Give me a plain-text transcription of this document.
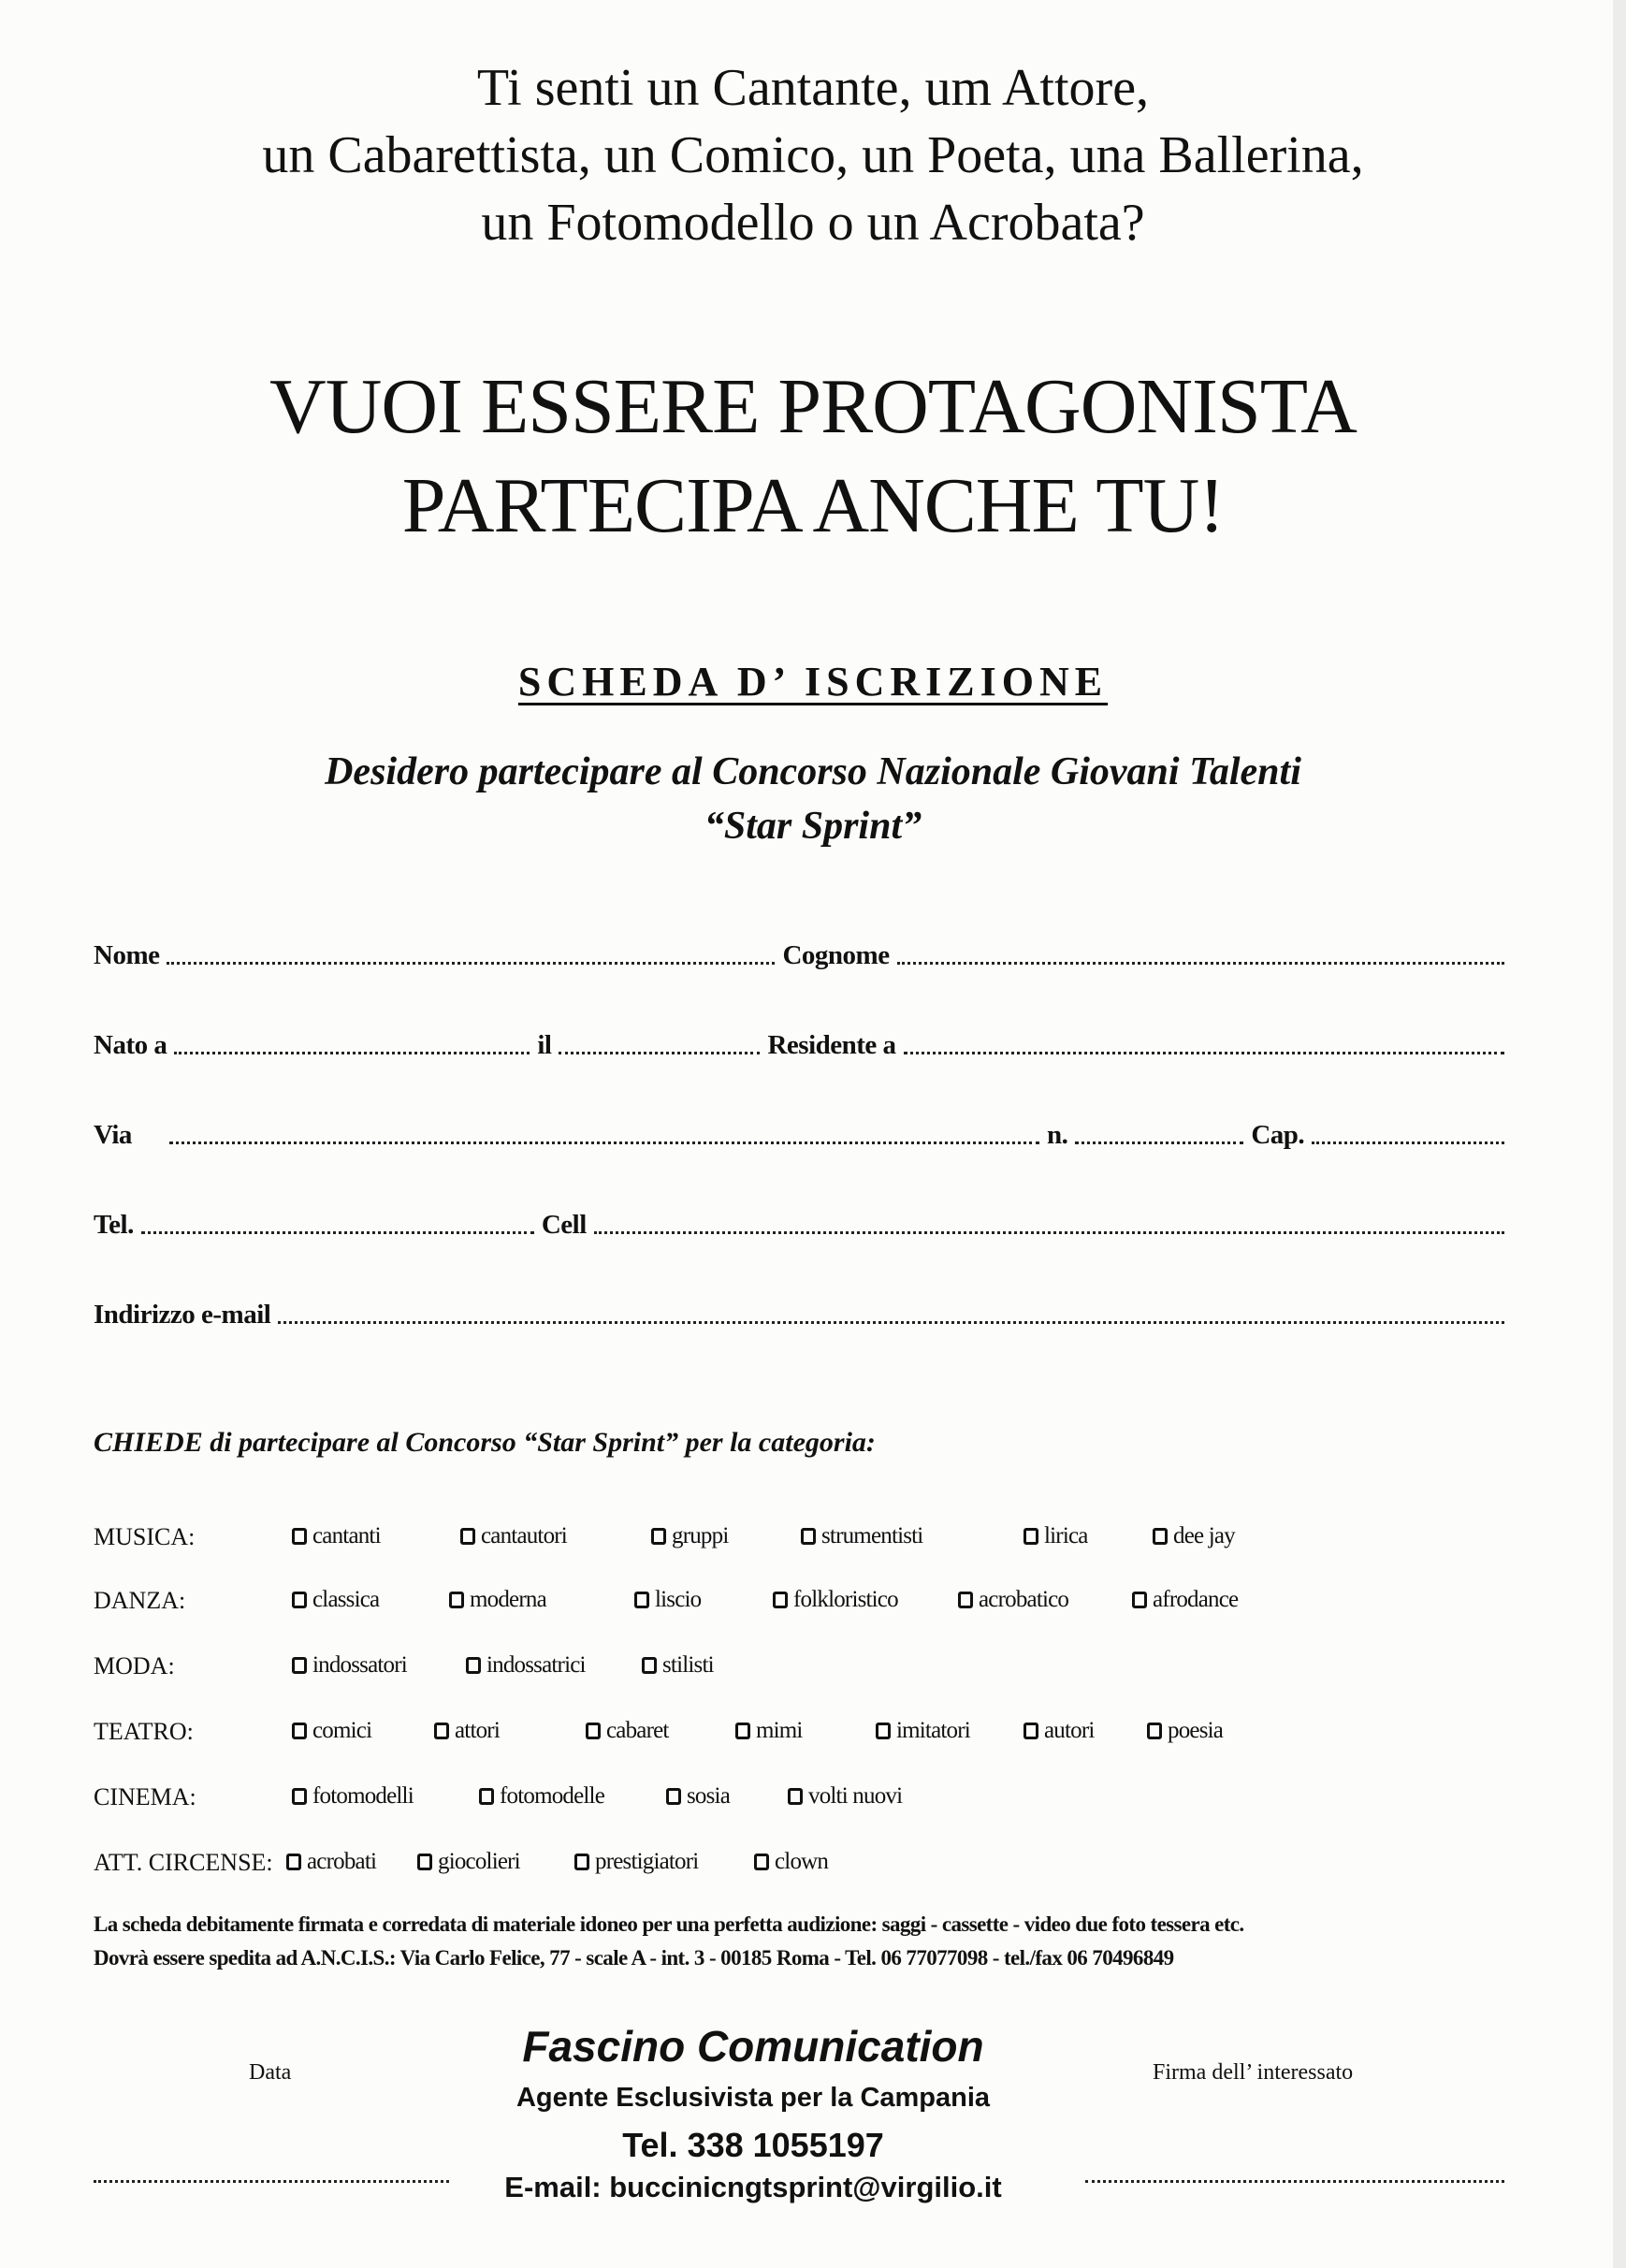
Ti senti un Cantante, um Attore,
un Cabarettista, un Comico, un Poeta, una Ballerina,
un Fotomodello o un Acrobata?
VUOI ESSERE PROTAGONISTA
PARTECIPA ANCHE TU!
SCHEDA D’ ISCRIZIONE
Desidero partecipare al Concorso Nazionale Giovani Talenti
“Star Sprint”
Nome	Cognome
Nato a	il	Residente a
Via	n.	Cap.
Tel.	Cell
Indirizzo e-mail
CHIEDE di partecipare al Concorso “Star Sprint” per la categoria:
MUSICA:	cantanti	cantautori	gruppi	strumentisti	lirica	dee jay
DANZA:	classica	moderna	liscio	folkloristico	acrobatico	afrodance
MODA:	indossatori	indossatrici	stilisti
TEATRO:	comici	attori	cabaret	mimi	imitatori	autori	poesia
CINEMA:	fotomodelli	fotomodelle	sosia	volti nuovi
ATT. CIRCENSE: acrobati	giocolieri	prestigiatori	clown
La scheda debitamente firmata e corredata di materiale idoneo per una perfetta audizione: saggi - cassette - video due foto tessera etc.
Dovrà essere spedita ad A.N.C.I.S.: Via Carlo Felice, 77 - scale A - int. 3 - 00185 Roma - Tel. 06 77077098 - tel./fax 06 70496849
Data	Firma dell’ interessato
Fascino Comunication
Agente Esclusivista per la Campania
Tel. 338 1055197
E-mail: buccinicngtsprint@virgilio.it
